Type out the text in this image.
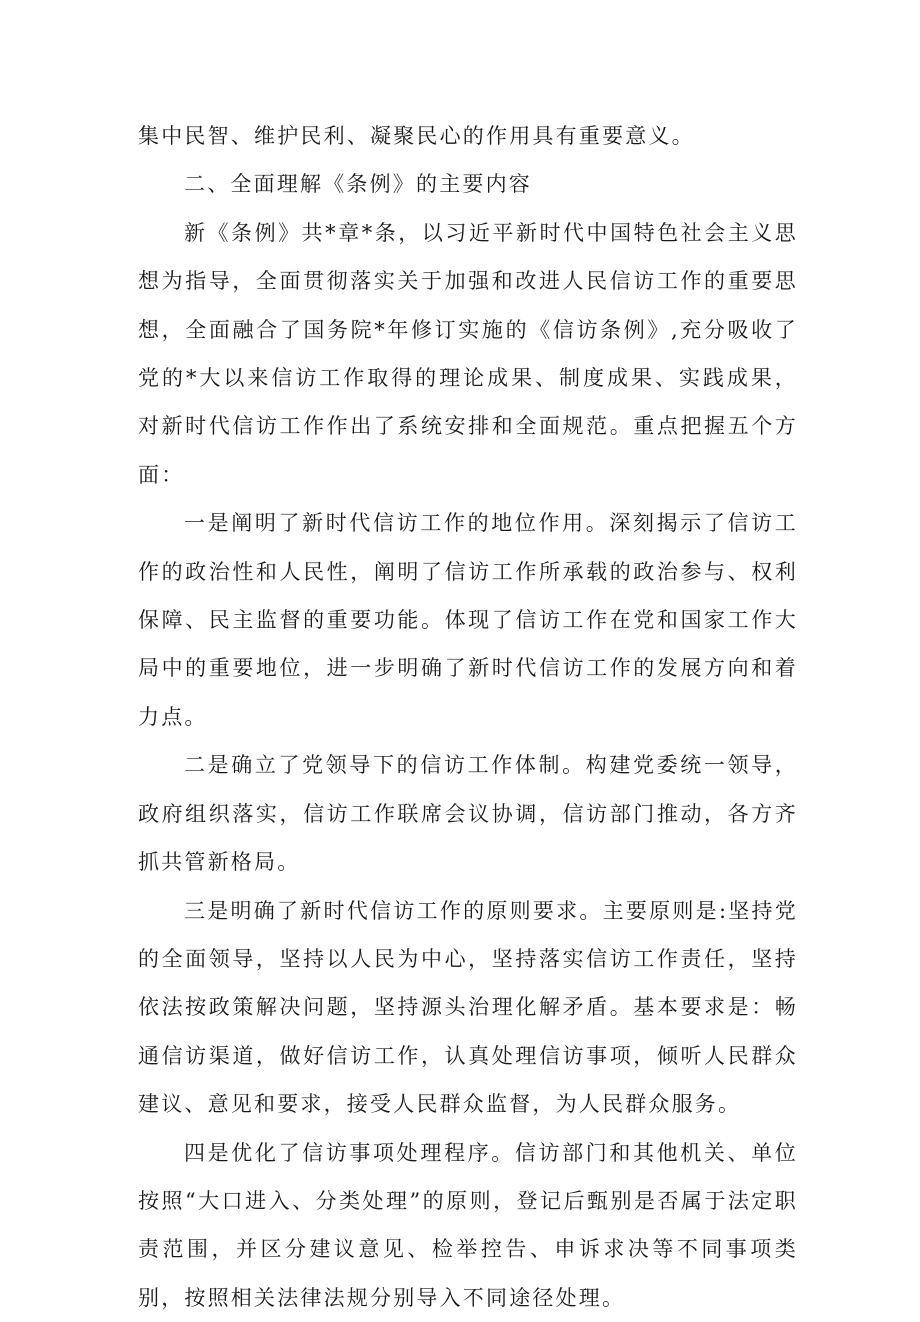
集中民智、维护民利、凝聚民心的作用具有重要意义。

二、全面理解《条例》的主要内容

新《条例》共*章*条，以习近平新时代中国特色社会主义思想为指导，全面贯彻落实关于加强和改进人民信访工作的重要思想，全面融合了国务院*年修订实施的《信访条例》,充分吸收了党的*大以来信访工作取得的理论成果、制度成果、实践成果，对新时代信访工作作出了系统安排和全面规范。重点把握五个方面：

一是阐明了新时代信访工作的地位作用。深刻揭示了信访工作的政治性和人民性，阐明了信访工作所承载的政治参与、权利保障、民主监督的重要功能。体现了信访工作在党和国家工作大局中的重要地位，进一步明确了新时代信访工作的发展方向和着力点。

二是确立了党领导下的信访工作体制。构建党委统一领导，政府组织落实，信访工作联席会议协调，信访部门推动，各方齐抓共管新格局。

三是明确了新时代信访工作的原则要求。主要原则是:坚持党的全面领导，坚持以人民为中心，坚持落实信访工作责任，坚持依法按政策解决问题，坚持源头治理化解矛盾。基本要求是：畅通信访渠道，做好信访工作，认真处理信访事项，倾听人民群众建议、意见和要求，接受人民群众监督，为人民群众服务。

四是优化了信访事项处理程序。信访部门和其他机关、单位按照“大口进入、分类处理”的原则，登记后甄别是否属于法定职责范围，并区分建议意见、检举控告、申诉求决等不同事项类别，按照相关法律法规分别导入不同途径处理。
